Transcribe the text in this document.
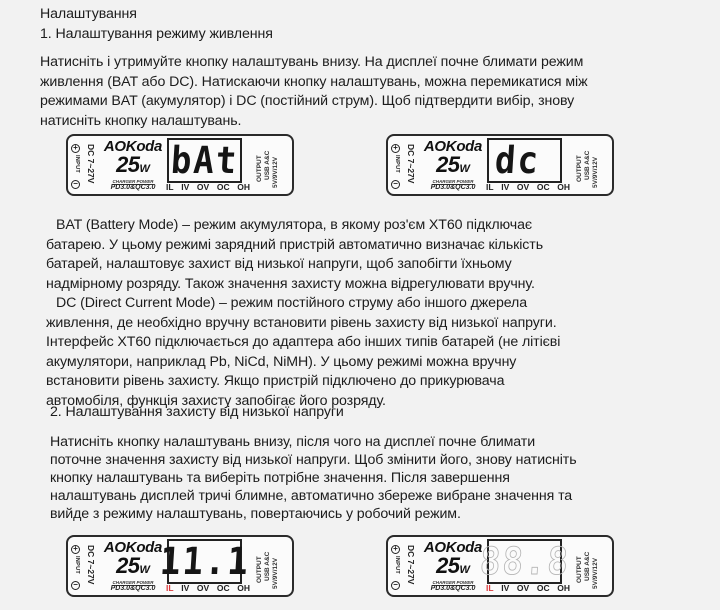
Налаштування
1. Налаштування режиму живлення
Натисніть і утримуйте кнопку налаштувань внизу. На дисплеї почне блимати режим
живлення (BAT або DC). Натискаючи кнопку налаштувань, можна перемикатися між
режимами BAT (акумулятор) і DC (постійний струм). Щоб підтвердити вибір, знову
натисніть кнопку налаштувань.
+
INPUT DC 7~27V
−
AOKoda
25W
CHARGER POWER
PD3.0&QC3.0
bAt
IL IV OV OC OH
OUTPUT USB A&C 5V/9V/12V
+
INPUT DC 7~27V
−
AOKoda
25W
CHARGER POWER
PD3.0&QC3.0
dc
IL IV OV OC OH
OUTPUT USB A&C 5V/9V/12V
BAT (Battery Mode) – режим акумулятора, в якому роз'єм XT60 підключає
батарею. У цьому режимі зарядний пристрій автоматично визначає кількість
батарей, налаштовує захист від низької напруги, щоб запобігти їхньому
надмірному розряду. Також значення захисту можна відрегулювати вручну.
DC (Direct Current Mode) – режим постійного струму або іншого джерела
живлення, де необхідно вручну встановити рівень захисту від низької напруги.
Інтерфейс XT60 підключається до адаптера або інших типів батарей (не літієві
акумулятори, наприклад Pb, NiCd, NiMH). У цьому режимі можна вручну
встановити рівень захисту. Якщо пристрій підключено до прикурювача
автомобіля, функція захисту запобігає його розряду.
2. Налаштування захисту від низької напруги
Натисніть кнопку налаштувань внизу, після чого на дисплеї почне блимати
поточне значення захисту від низької напруги. Щоб змінити його, знову натисніть
кнопку налаштувань та виберіть потрібне значення. Після завершення
налаштувань дисплей тричі блимне, автоматично збереже вибране значення та
вийде з режиму налаштувань, повертаючись у робочий режим.
+
INPUT DC 7~27V
−
AOKoda
25W
CHARGER POWER
PD3.0&QC3.0
11.1
IL IV OV OC OH
OUTPUT USB A&C 5V/9V/12V
+
INPUT DC 7~27V
−
AOKoda
25W
CHARGER POWER
PD3.0&QC3.0
88.8
IL IV OV OC OH
OUTPUT USB A&C 5V/9V/12V
